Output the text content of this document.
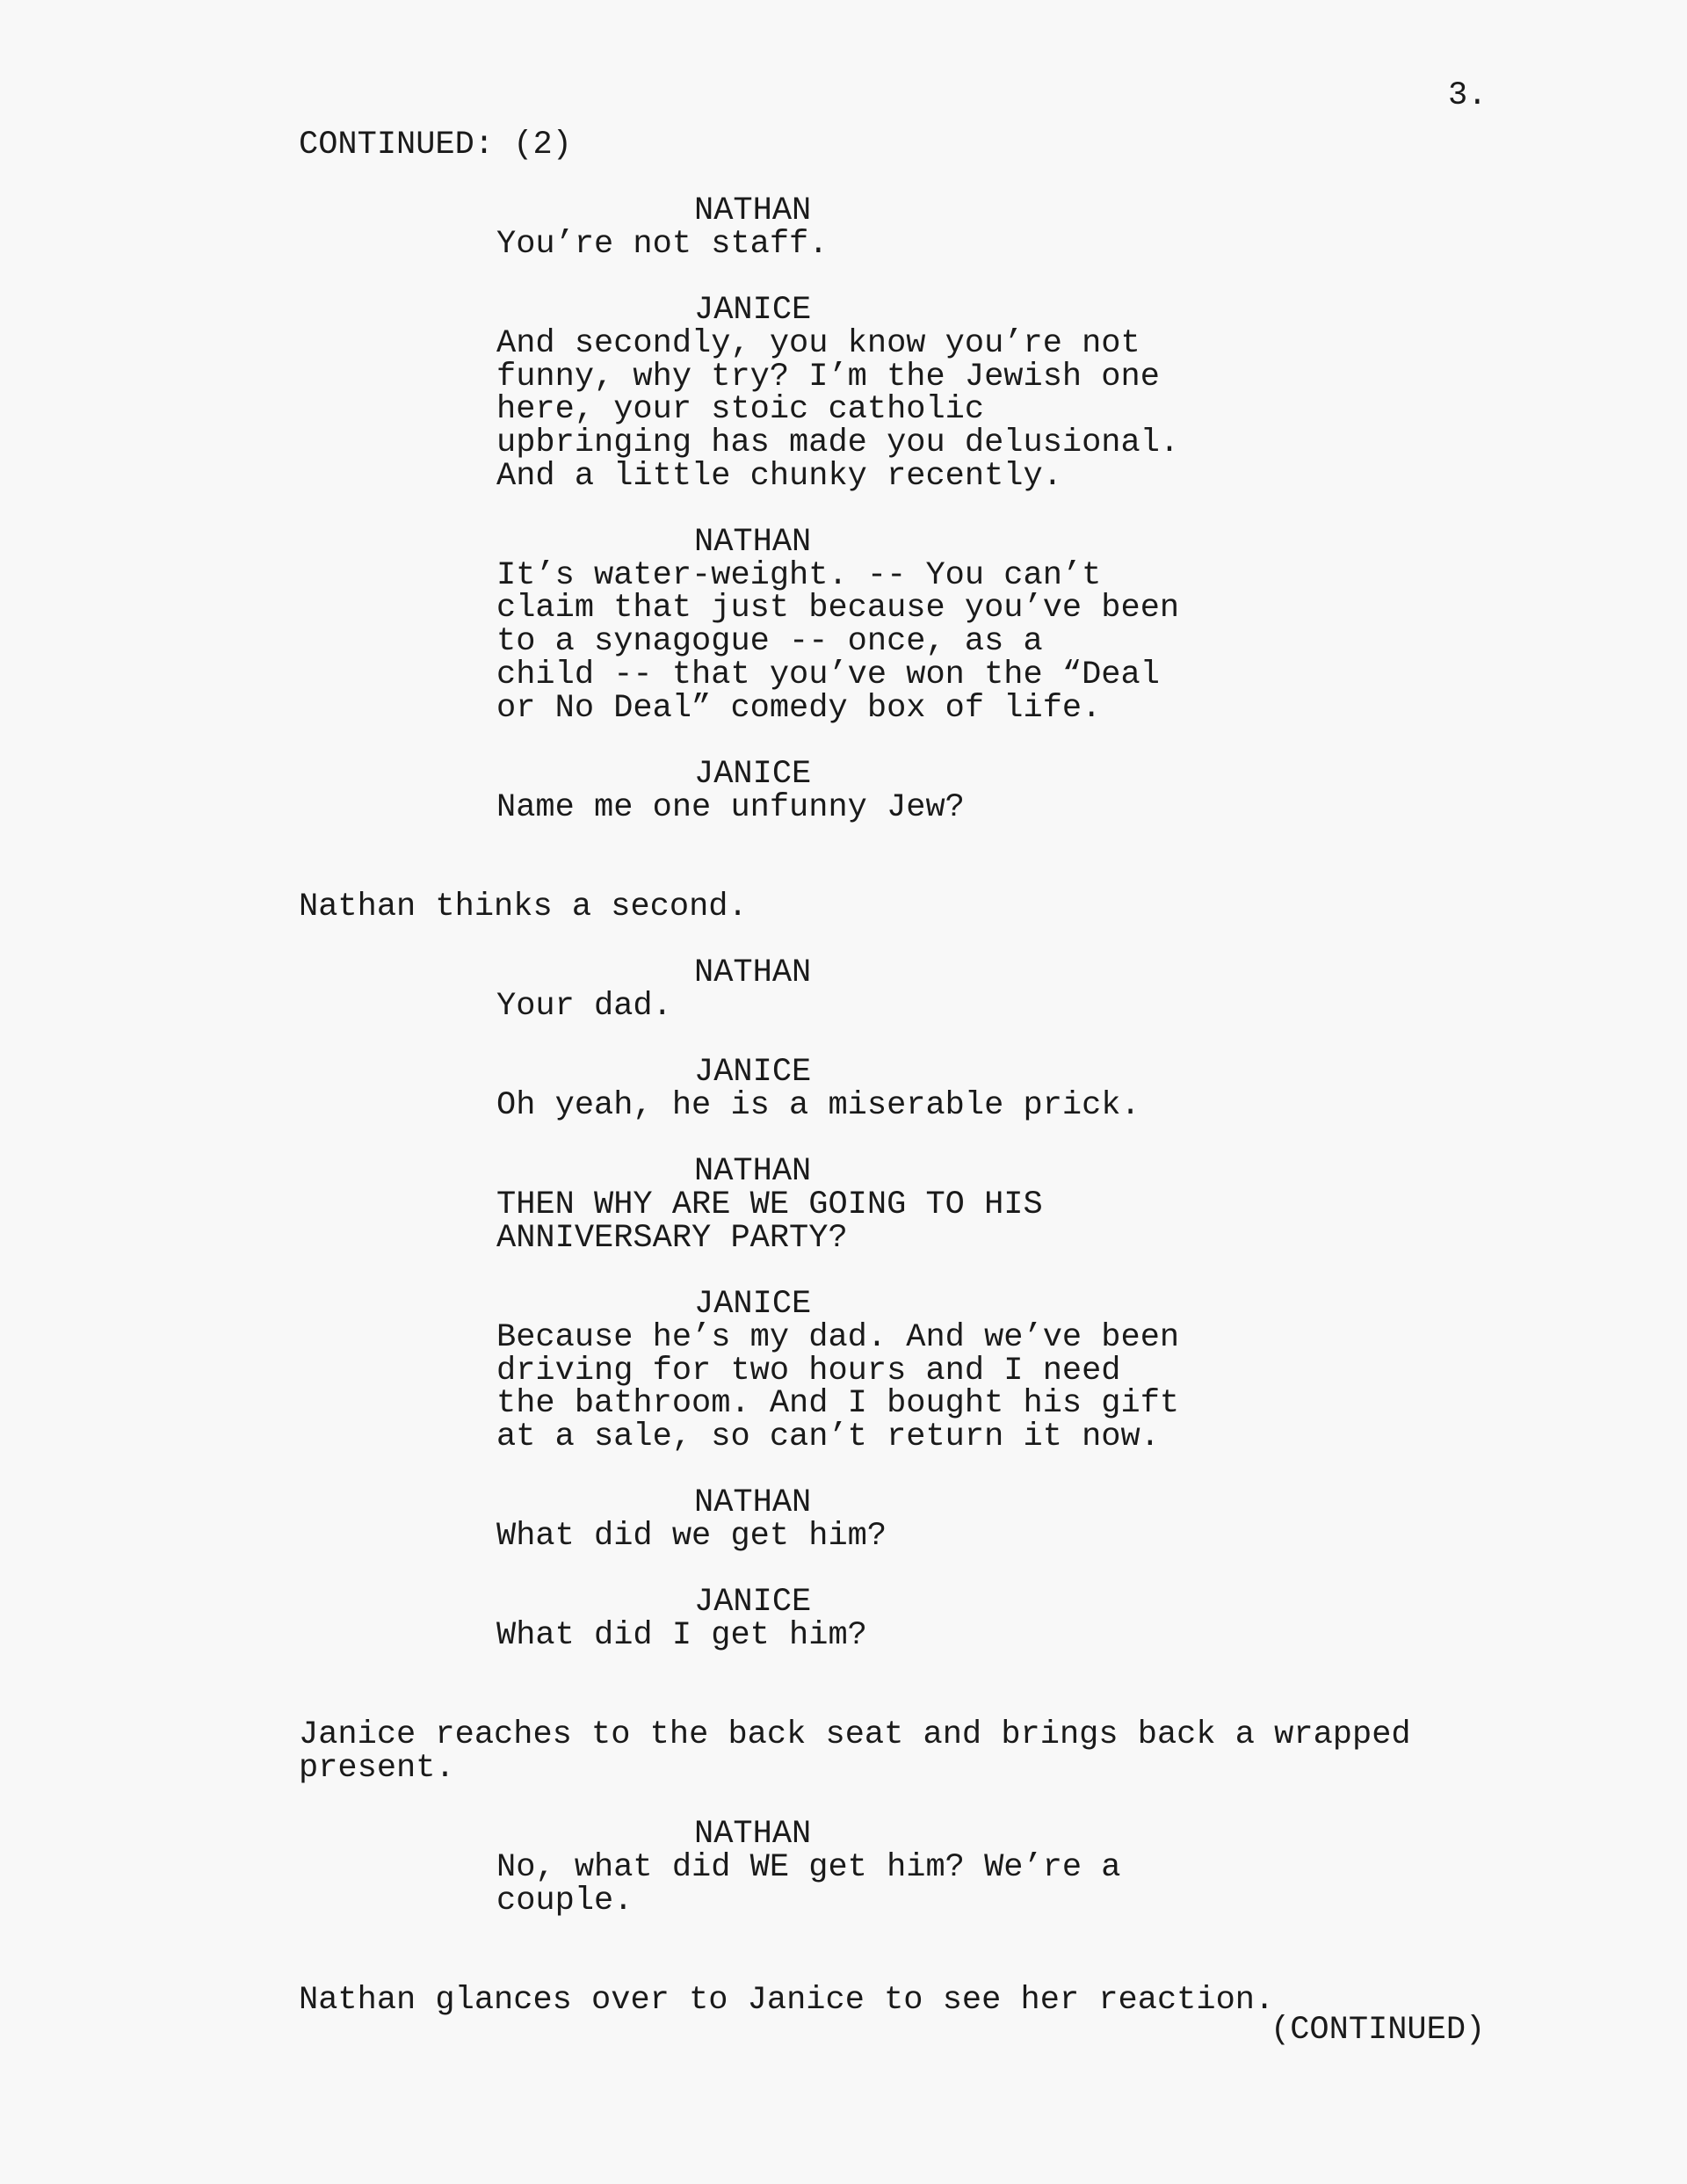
3.
CONTINUED: (2)
NATHAN
You’re not staff.
JANICE
And secondly, you know you’re not
funny, why try? I’m the Jewish one
here, your stoic catholic
upbringing has made you delusional.
And a little chunky recently.
NATHAN
It’s water-weight. -- You can’t
claim that just because you’ve been
to a synagogue -- once, as a
child -- that you’ve won the “Deal
or No Deal” comedy box of life.
JANICE
Name me one unfunny Jew?
Nathan thinks a second.
NATHAN
Your dad.
JANICE
Oh yeah, he is a miserable prick.
NATHAN
THEN WHY ARE WE GOING TO HIS
ANNIVERSARY PARTY?
JANICE
Because he’s my dad. And we’ve been
driving for two hours and I need
the bathroom. And I bought his gift
at a sale, so can’t return it now.
NATHAN
What did we get him?
JANICE
What did I get him?
Janice reaches to the back seat and brings back a wrapped
present.
NATHAN
No, what did WE get him? We’re a
couple.
Nathan glances over to Janice to see her reaction.
(CONTINUED)
